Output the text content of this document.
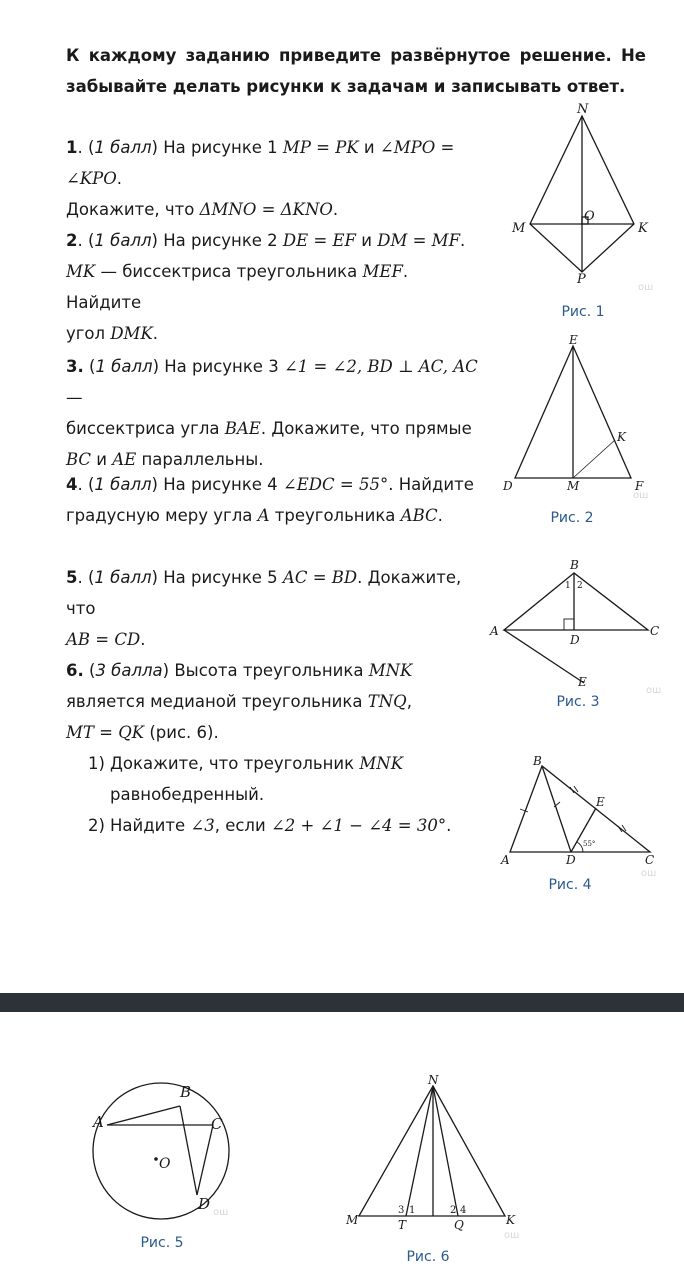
К каждому заданию приведите развёрнутое решение. Не забывайте делать рисунки к задачам и записывать ответ.
1. (1 балл) На рисунке 1 MP = PK и ∠MPO = ∠KPO.
Докажите, что ΔMNO = ΔKNO.
2. (1 балл) На рисунке 2 DE = EF и DM = MF.
MK — биссектриса треугольника MEF. Найдите
угол DMK.
3. (1 балл) На рисунке 3 ∠1 = ∠2, BD ⊥ AC, AC —
биссектриса угла BAE. Докажите, что прямые
BC и AE параллельны.
4. (1 балл) На рисунке 4 ∠EDC = 55°. Найдите
градусную меру угла A треугольника ABC.
5. (1 балл) На рисунке 5 AC = BD. Докажите, что
AB = CD.
6. (3 балла) Высота треугольника MNK
является медианой треугольника TNQ,
MT = QK (рис. 6).
1) Докажите, что треугольник MNK
равнобедренный.
2) Найдите ∠3, если ∠2 + ∠1 − ∠4 = 30°.
N
M
O
K
P
ош
Рис. 1
E
K
D	M	F
ош
Рис. 2
B
1 2
A	C
D
E
ош
Рис. 3
B
E
A	D	C
55°
ош
Рис. 4
B
A	C
O
D ош
Рис. 5
N
M	T	Q	K
3 1	2 4
ош
Рис. 6
